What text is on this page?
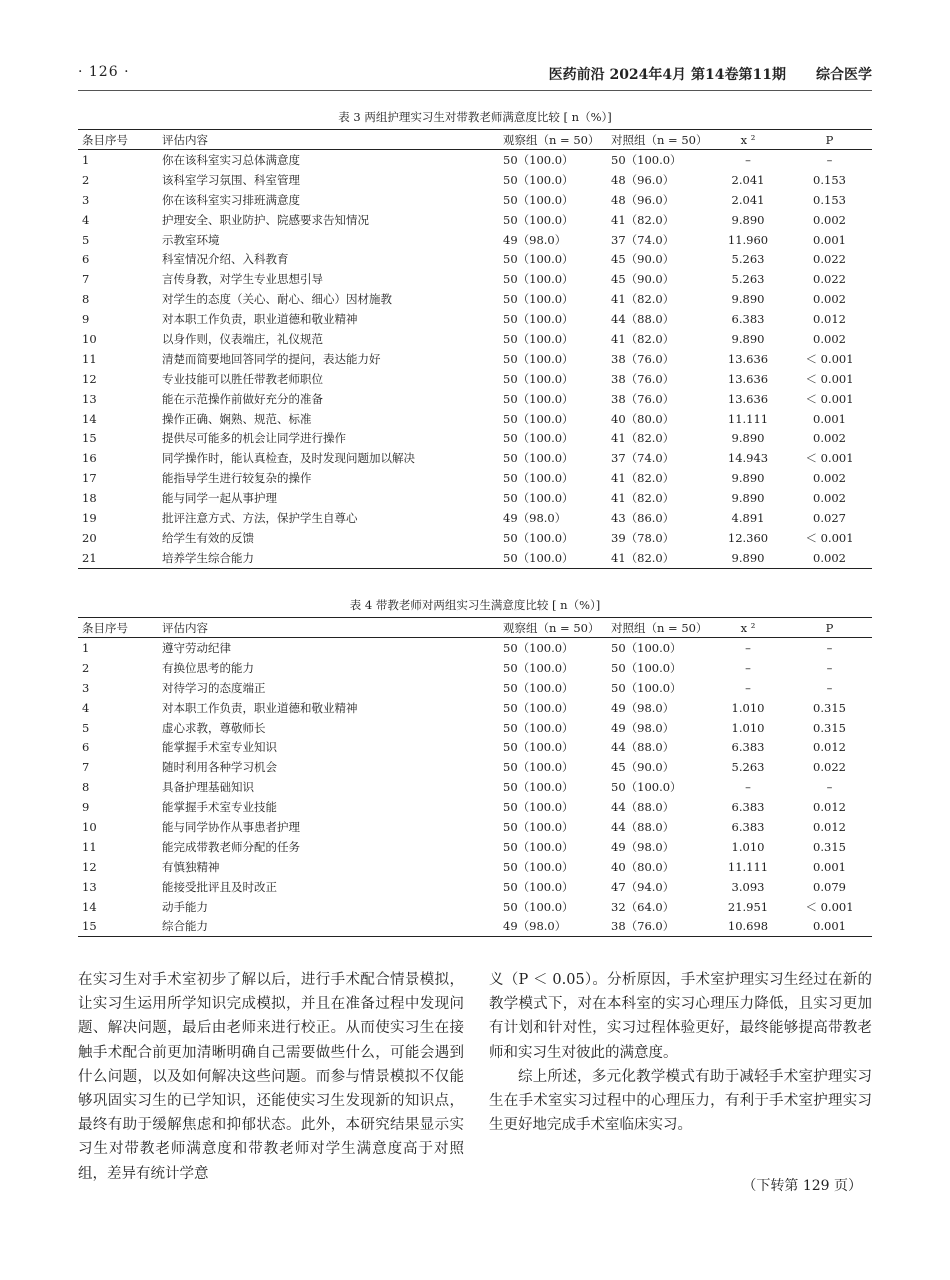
· 126 ·	医药前沿 2024年4月 第14卷第11期 综合医学
表 3 两组护理实习生对带教老师满意度比较 [ n（%）]
条目序号	评估内容	观察组（n = 50）	对照组（n = 50）	x ²	P
1	你在该科室实习总体满意度	50（100.0）	50（100.0）	–	–
2	该科室学习氛围、科室管理	50（100.0）	48（96.0）	2.041	0.153
3	你在该科室实习排班满意度	50（100.0）	48（96.0）	2.041	0.153
4	护理安全、职业防护、院感要求告知情况	50（100.0）	41（82.0）	9.890	0.002
5	示教室环境	49（98.0）	37（74.0）	11.960	0.001
6	科室情况介绍、入科教育	50（100.0）	45（90.0）	5.263	0.022
7	言传身教，对学生专业思想引导	50（100.0）	45（90.0）	5.263	0.022
8	对学生的态度（关心、耐心、细心）因材施教	50（100.0）	41（82.0）	9.890	0.002
9	对本职工作负责，职业道德和敬业精神	50（100.0）	44（88.0）	6.383	0.012
10	以身作则，仪表端庄，礼仪规范	50（100.0）	41（82.0）	9.890	0.002
11	清楚而简要地回答同学的提问，表达能力好	50（100.0）	38（76.0）	13.636	＜ 0.001
12	专业技能可以胜任带教老师职位	50（100.0）	38（76.0）	13.636	＜ 0.001
13	能在示范操作前做好充分的准备	50（100.0）	38（76.0）	13.636	＜ 0.001
14	操作正确、娴熟、规范、标准	50（100.0）	40（80.0）	11.111	0.001
15	提供尽可能多的机会让同学进行操作	50（100.0）	41（82.0）	9.890	0.002
16	同学操作时，能认真检查，及时发现问题加以解决	50（100.0）	37（74.0）	14.943	＜ 0.001
17	能指导学生进行较复杂的操作	50（100.0）	41（82.0）	9.890	0.002
18	能与同学一起从事护理	50（100.0）	41（82.0）	9.890	0.002
19	批评注意方式、方法，保护学生自尊心	49（98.0）	43（86.0）	4.891	0.027
20	给学生有效的反馈	50（100.0）	39（78.0）	12.360	＜ 0.001
21	培养学生综合能力	50（100.0）	41（82.0）	9.890	0.002
表 4 带教老师对两组实习生满意度比较 [ n（%）]
条目序号	评估内容	观察组（n = 50）	对照组（n = 50）	x ²	P
1	遵守劳动纪律	50（100.0）	50（100.0）	–	–
2	有换位思考的能力	50（100.0）	50（100.0）	–	–
3	对待学习的态度端正	50（100.0）	50（100.0）	–	–
4	对本职工作负责，职业道德和敬业精神	50（100.0）	49（98.0）	1.010	0.315
5	虚心求教，尊敬师长	50（100.0）	49（98.0）	1.010	0.315
6	能掌握手术室专业知识	50（100.0）	44（88.0）	6.383	0.012
7	随时利用各种学习机会	50（100.0）	45（90.0）	5.263	0.022
8	具备护理基础知识	50（100.0）	50（100.0）	–	–
9	能掌握手术室专业技能	50（100.0）	44（88.0）	6.383	0.012
10	能与同学协作从事患者护理	50（100.0）	44（88.0）	6.383	0.012
11	能完成带教老师分配的任务	50（100.0）	49（98.0）	1.010	0.315
12	有慎独精神	50（100.0）	40（80.0）	11.111	0.001
13	能接受批评且及时改正	50（100.0）	47（94.0）	3.093	0.079
14	动手能力	50（100.0）	32（64.0）	21.951	＜ 0.001
15	综合能力	49（98.0）	38（76.0）	10.698	0.001

在实习生对手术室初步了解以后，进行手术配合情景模拟，让实习生运用所学知识完成模拟，并且在准备过程中发现问题、解决问题，最后由老师来进行校正。从而使实习生在接触手术配合前更加清晰明确自己需要做些什么，可能会遇到什么问题，以及如何解决这些问题。而参与情景模拟不仅能够巩固实习生的已学知识，还能使实习生发现新的知识点，最终有助于缓解焦虑和抑郁状态。此外，本研究结果显示实习生对带教老师满意度和带教老师对学生满意度高于对照组，差异有统计学意

义（P ＜ 0.05）。分析原因，手术室护理实习生经过在新的教学模式下，对在本科室的实习心理压力降低，且实习更加有计划和针对性，实习过程体验更好，最终能够提高带教老师和实习生对彼此的满意度。

综上所述，多元化教学模式有助于减轻手术室护理实习生在手术室实习过程中的心理压力，有利于手术室护理实习生更好地完成手术室临床实习。

（下转第 129 页）
